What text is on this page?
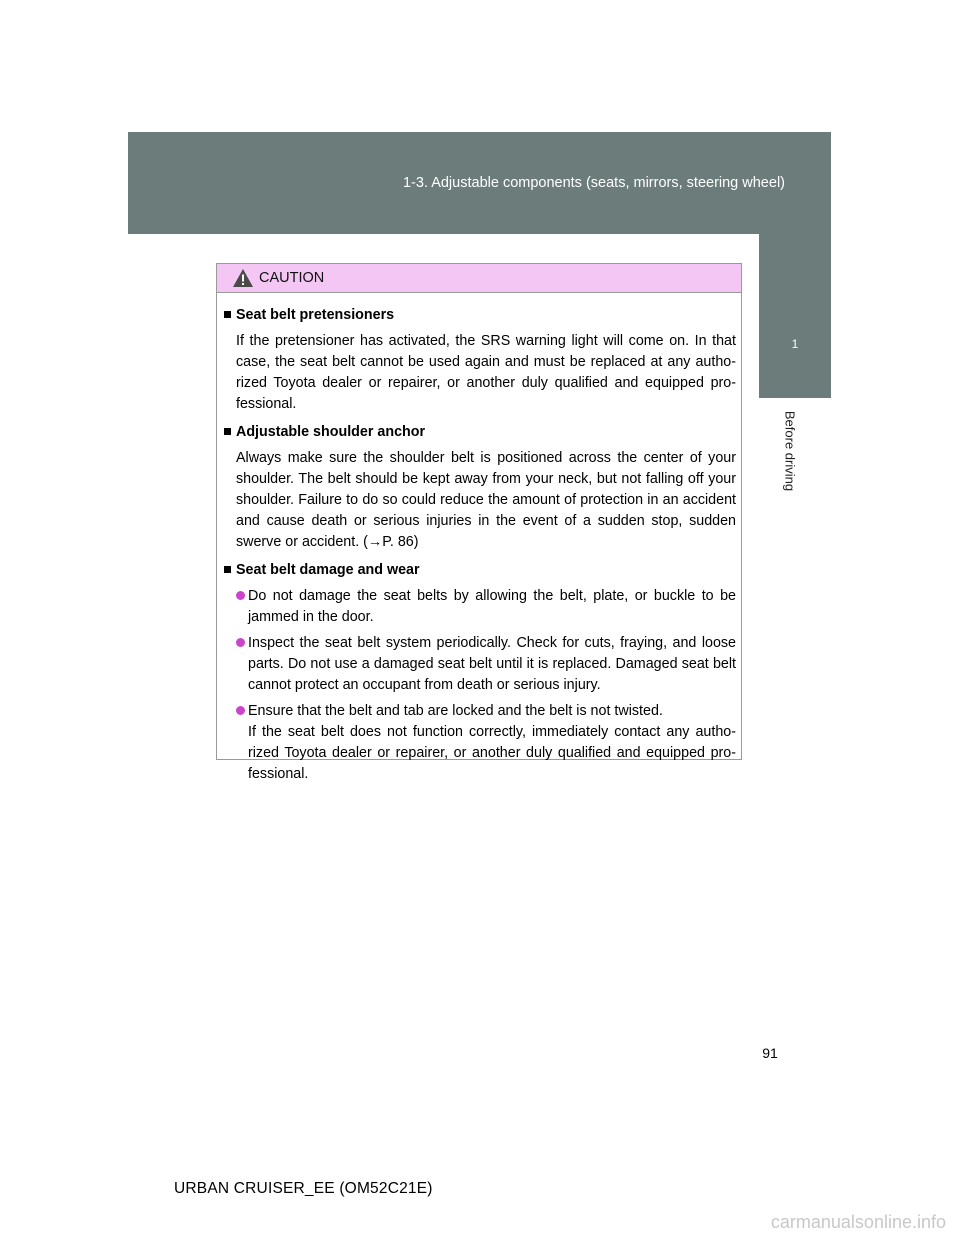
1-3. Adjustable components (seats, mirrors, steering wheel)
1
Before driving
CAUTION
Seat belt pretensioners
If the pretensioner has activated, the SRS warning light will come on. In that case, the seat belt cannot be used again and must be replaced at any autho-rized Toyota dealer or repairer, or another duly qualified and equipped pro-fessional.
Adjustable shoulder anchor
Always make sure the shoulder belt is positioned across the center of your shoulder. The belt should be kept away from your neck, but not falling off your shoulder. Failure to do so could reduce the amount of protection in an accident and cause death or serious injuries in the event of a sudden stop, sudden swerve or accident. (→P. 86)
Seat belt damage and wear
Do not damage the seat belts by allowing the belt, plate, or buckle to be jammed in the door.
Inspect the seat belt system periodically. Check for cuts, fraying, and loose parts. Do not use a damaged seat belt until it is replaced. Damaged seat belt cannot protect an occupant from death or serious injury.
Ensure that the belt and tab are locked and the belt is not twisted.
If the seat belt does not function correctly, immediately contact any autho-rized Toyota dealer or repairer, or another duly qualified and equipped pro-fessional.
91
URBAN CRUISER_EE (OM52C21E)
carmanualsonline.info
